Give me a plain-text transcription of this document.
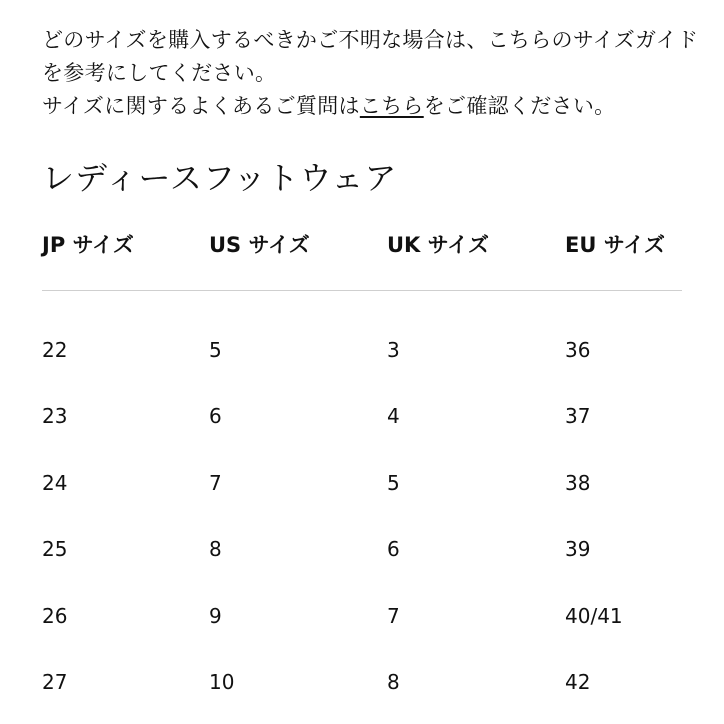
どのサイズを購入するべきかご不明な場合は、こちらのサイズガイドを参考にしてください。

サイズに関するよくあるご質問はこちらをご確認ください。

レディースフットウェア
JP サイズ	US サイズ	UK サイズ	EU サイズ
22	5	3	36
23	6	4	37
24	7	5	38
25	8	6	39
26	9	7	40/41
27	10	8	42
